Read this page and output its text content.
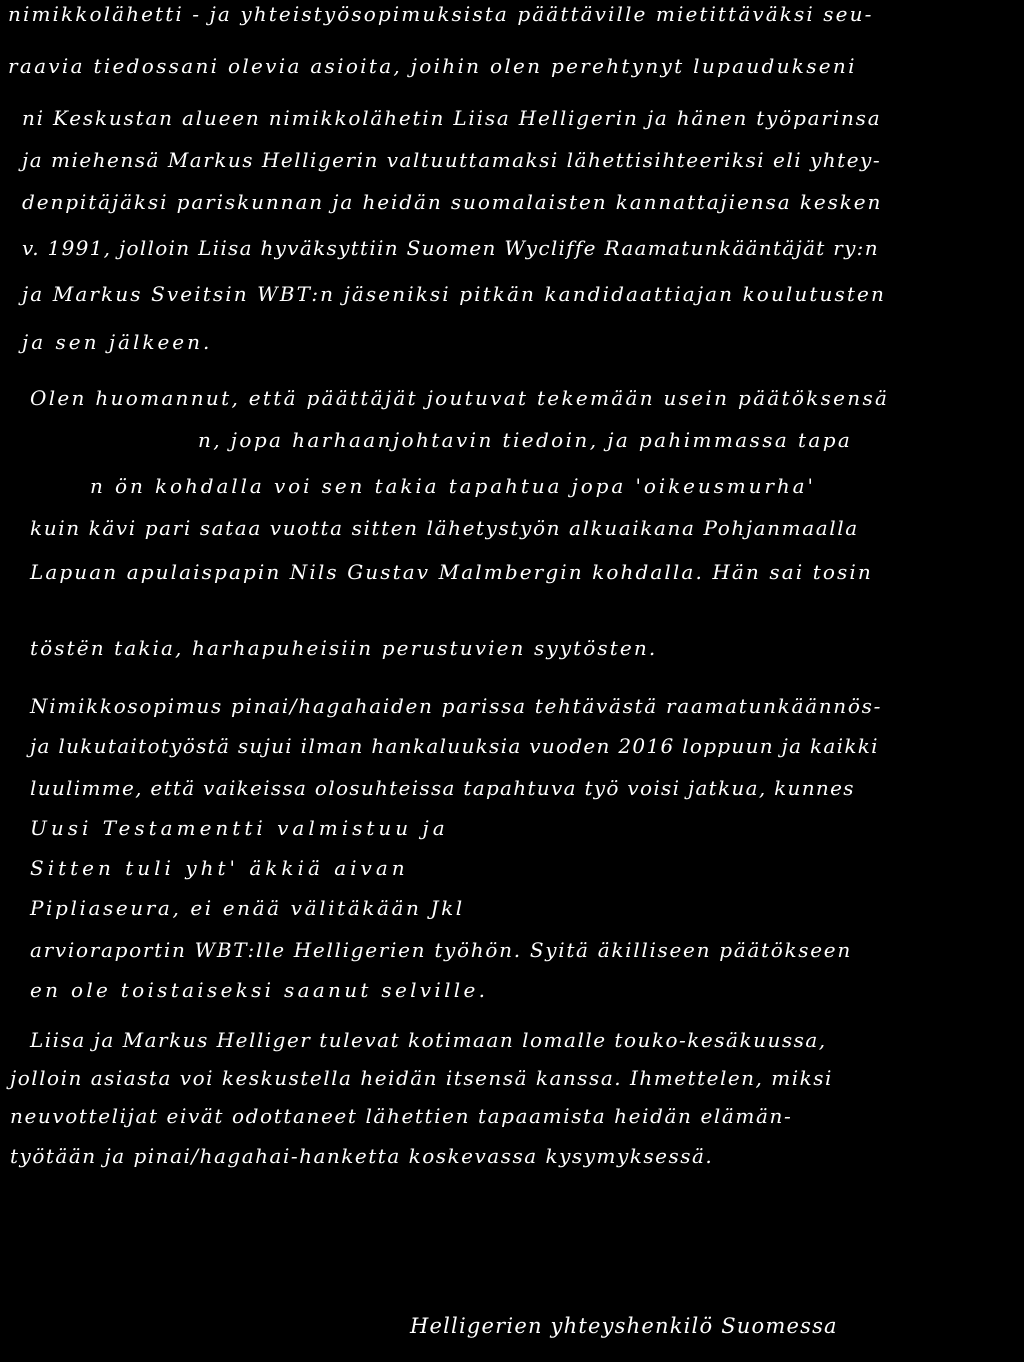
nimikkolähetti - ja yhteistyösopimuksista päättäville mietittäväksi seu-
raavia tiedossani olevia asioita, joihin olen perehtynyt lupaudukseni
ni Keskustan alueen nimikkolähetin Liisa Helligerin ja hänen työparinsa
ja miehensä Markus Helligerin valtuuttamaksi lähettisihteeriksi eli yhtey-
denpitäjäksi pariskunnan ja heidän suomalaisten kannattajiensa kesken
v. 1991, jolloin Liisa hyväksyttiin Suomen Wycliffe Raamatunkääntäjät ry:n
ja Markus Sveitsin WBT:n jäseniksi pitkän kandidaattiajan koulutusten
ja sen jälkeen.
Olen huomannut, että päättäjät joutuvat tekemään usein päätöksensä
n, jopa harhaanjohtavin tiedoin, ja pahimmassa tapa
n ön kohdalla voi sen takia tapahtua jopa 'oikeusmurha'
kuin kävi pari sataa vuotta sitten lähetystyön alkuaikana Pohjanmaalla
Lapuan apulaispapin Nils Gustav Malmbergin kohdalla. Hän sai tosin
töstën takia, harhapuheisiin perustuvien syytösten.
Nimikkosopimus pinai/hagahaiden parissa tehtävästä raamatunkäännös-
ja lukutaitotyöstä sujui ilman hankaluuksia vuoden 2016 loppuun ja kaikki
luulimme, että vaikeissa olosuhteissa tapahtuva työ voisi jatkua, kunnes
Uusi Testamentti valmistuu ja
Sitten tuli yht' äkkiä aivan
Pipliaseura, ei enää välitäkään Jkl
arvioraportin WBT:lle Helligerien työhön. Syitä äkilliseen päätökseen
en ole toistaiseksi saanut selville.
Liisa ja Markus Helliger tulevat kotimaan lomalle touko-kesäkuussa,
jolloin asiasta voi keskustella heidän itsensä kanssa. Ihmettelen, miksi
neuvottelijat eivät odottaneet lähettien tapaamista heidän elämän-
työtään ja pinai/hagahai-hanketta koskevassa kysymyksessä.
Helligerien yhteyshenkilö Suomessa
